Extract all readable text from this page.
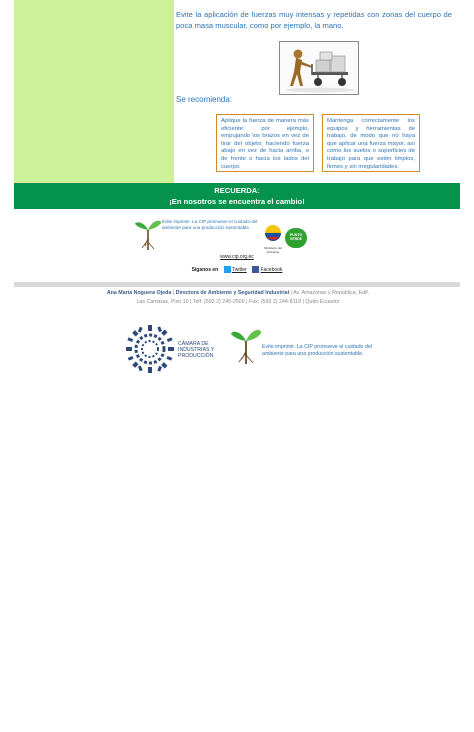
Evite la aplicación de fuerzas muy intensas y repetidas con zonas del cuerpo de poca masa muscular, como por ejemplo, la mano.
Se recomienda:
Aplique la fuerza de manera más eficiente: por ejemplo, empujando los brazos en vez de tirar del objeto; haciendo fuerza abajo en vez de hacia arriba, o de frente o hacia los lados del cuerpo.
Mantenga correctamente los equipos y herramientas de trabajo, de modo que no haya que aplicar una fuerza mayor, así como los suelos o superficies de trabajo para que estén limpios, firmes y sin irregularidades.
RECUERDA:
¡En nosotros se encuentra el cambio!
Evite imprimir. La CIP promueve el cuidado del ambiente para una producción sustentable.
Ministerio del Ambiente
PUNTO VERDE
www.cip.org.ec
Síganos en	Twitter	Facebook
Ana María Noguera Ojeda | Directora de Ambiente y Seguridad Industrial | Av. Amazonas y República, Edif. Las Cámaras, Piso 10 | Telf: (593 2) 245-2500 | Fax: (593 2) 244-8118 | Quito-Ecuador
CÁMARA DE
INDUSTRIAS Y
PRODUCCIÓN
Evite imprimir. La CIP promueve el cuidado del ambiente para una producción sustentable.
